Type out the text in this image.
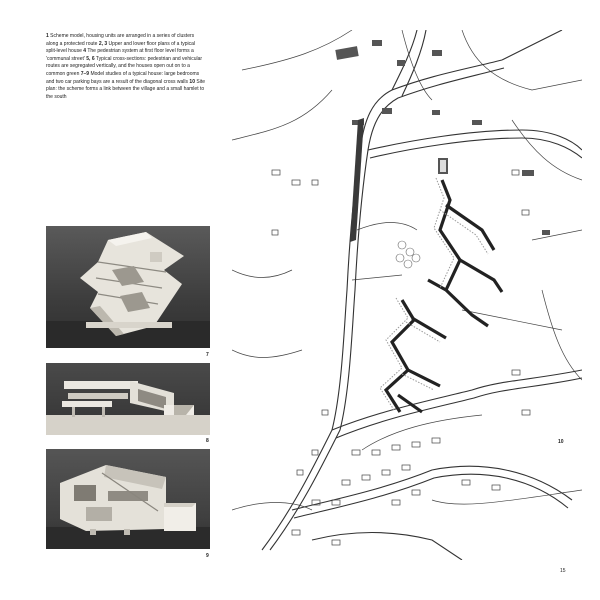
1 Scheme model, housing units are arranged in a series of clusters along a protected route 2, 3 Upper and lower floor plans of a typical split-level house 4 The pedestrian system at first floor level forms a 'communal street' 5, 6 Typical cross-sections: pedestrian and vehicular routes are segregated vertically, and the houses open out on to a common green 7–9 Model studies of a typical house: large bedrooms and two car parking bays are a result of the diagonal cross walls 10 Site plan: the scheme forms a link between the village and a small hamlet to the south

7
8
9
10
15
